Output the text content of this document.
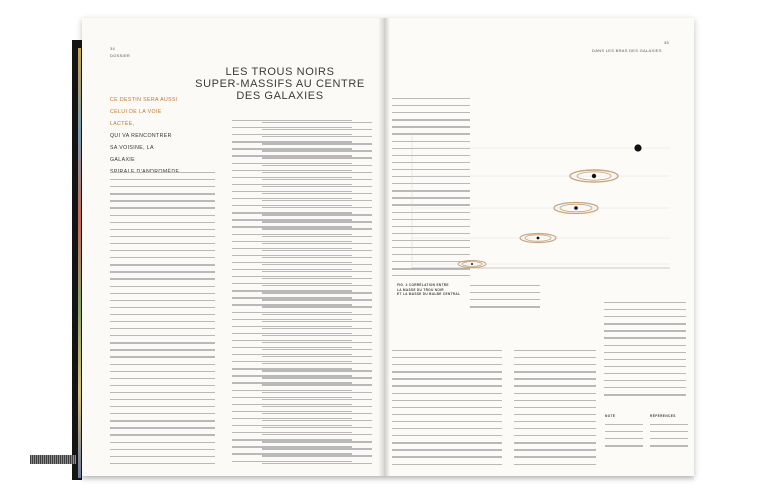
34
DOSSIER
CE DESTIN SERA AUSSI
CELUI DE LA VOIE LACTÉE,
QUI VA RENCONTRER
SA VOISINE, LA GALAXIE
SPIRALE D'ANDROMÈDE
35
DANS LES BRAS DES GALAXIES
NOTE	RÉFÉRENCES
LES TROUS NOIRS
SUPER-MASSIFS AU CENTRE
DES GALAXIES
FIG. 4 CORRÉLATION ENTRE
LA MASSE DU TROU NOIR
ET LA MASSE DU BULBE CENTRAL
